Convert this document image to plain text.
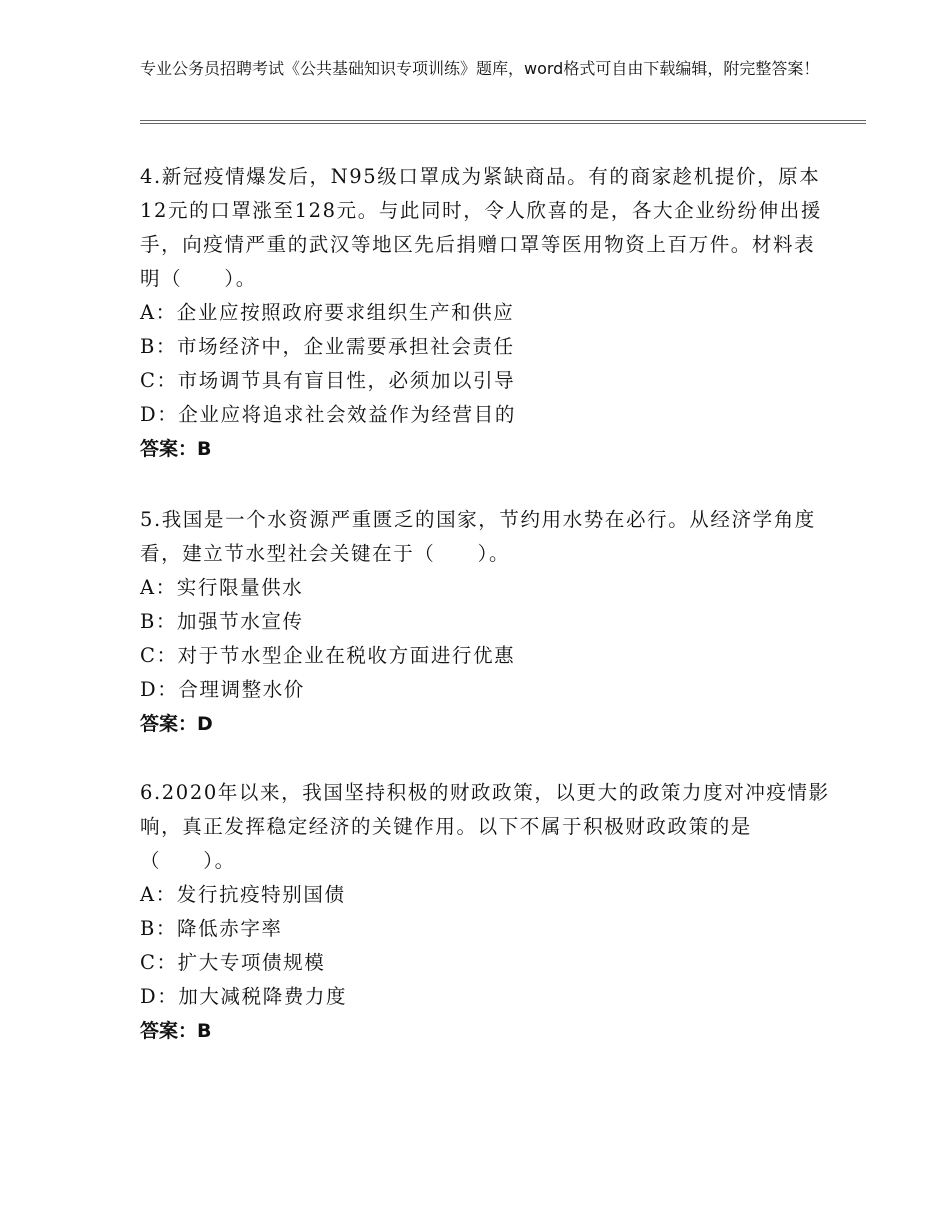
专业公务员招聘考试《公共基础知识专项训练》题库，word格式可自由下载编辑，附完整答案！

4.新冠疫情爆发后，N95级口罩成为紧缺商品。有的商家趁机提价，原本12元的口罩涨至128元。与此同时，令人欣喜的是，各大企业纷纷伸出援手，向疫情严重的武汉等地区先后捐赠口罩等医用物资上百万件。材料表明（　　）。

A：企业应按照政府要求组织生产和供应

B：市场经济中，企业需要承担社会责任

C：市场调节具有盲目性，必须加以引导

D：企业应将追求社会效益作为经营目的

答案：B

5.我国是一个水资源严重匮乏的国家，节约用水势在必行。从经济学角度看，建立节水型社会关键在于（　　）。

A：实行限量供水

B：加强节水宣传

C：对于节水型企业在税收方面进行优惠

D：合理调整水价

答案：D

6.2020年以来，我国坚持积极的财政政策，以更大的政策力度对冲疫情影响，真正发挥稳定经济的关键作用。以下不属于积极财政政策的是（　　）。

A：发行抗疫特别国债

B：降低赤字率

C：扩大专项债规模

D：加大减税降费力度

答案：B
